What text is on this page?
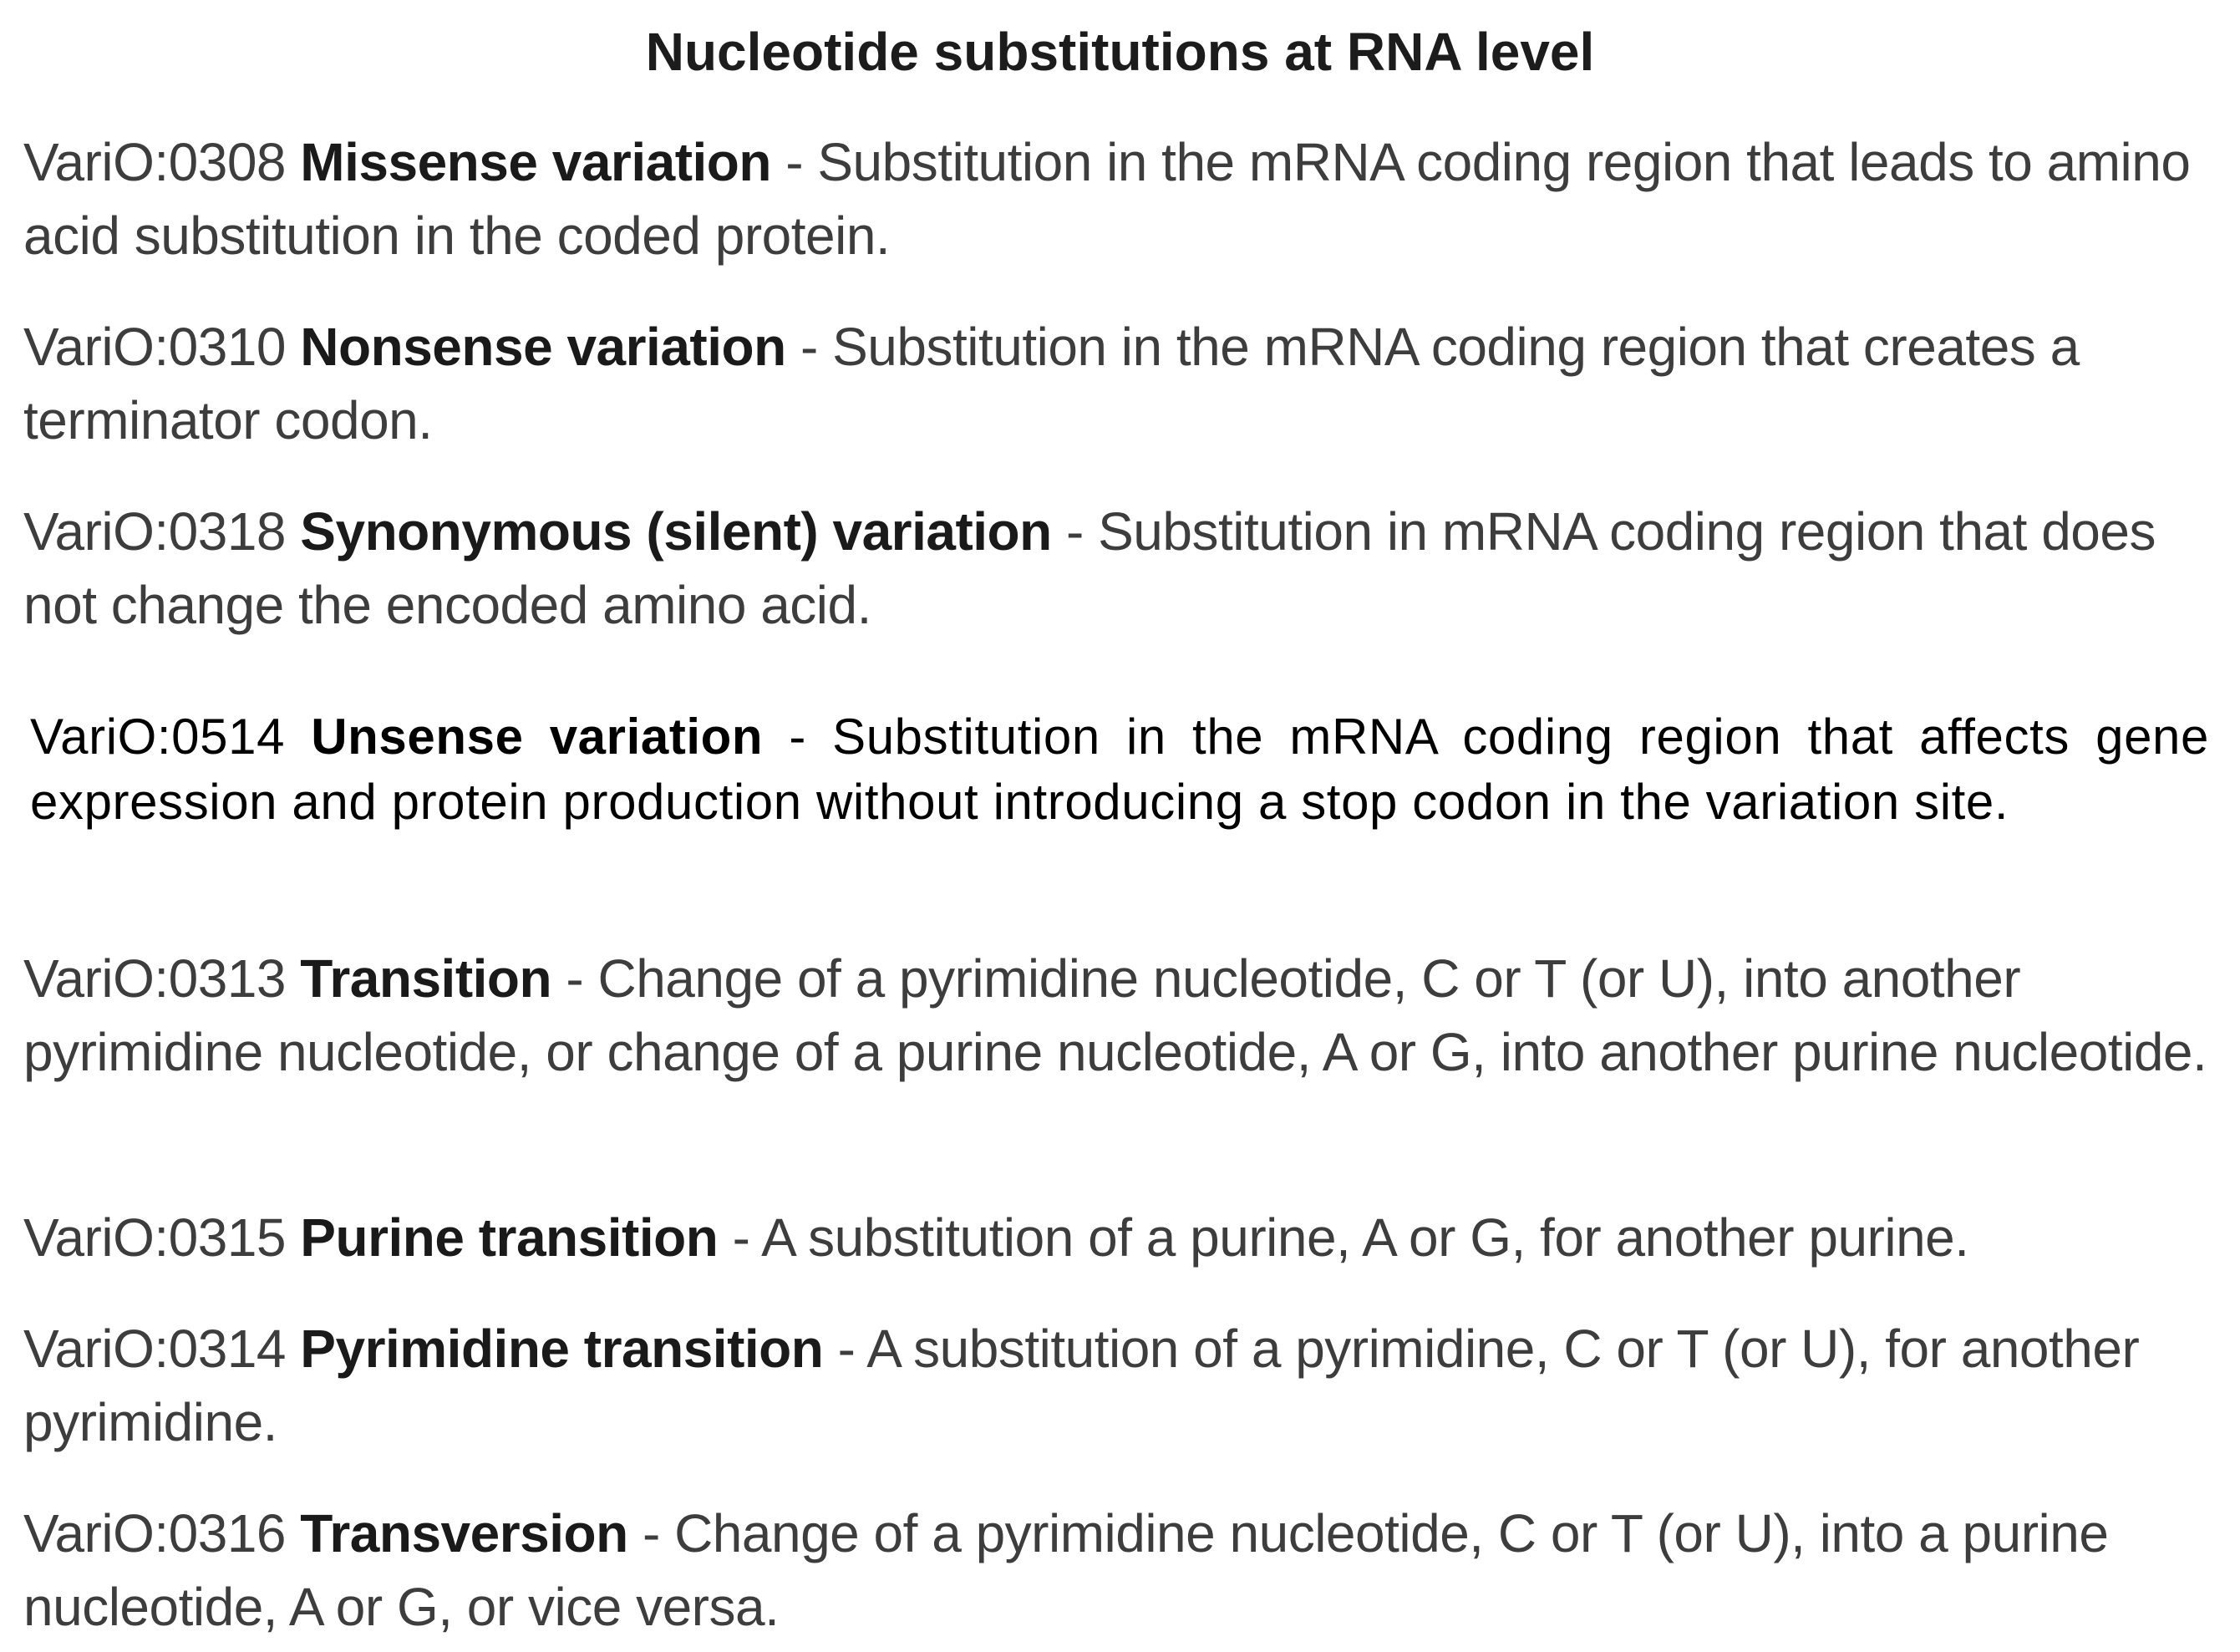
Nucleotide substitutions at RNA level

VariO:0308 Missense variation - Substitution in the mRNA coding region that leads to amino acid substitution in the coded protein.

VariO:0310 Nonsense variation - Substitution in the mRNA coding region that creates a terminator codon.

VariO:0318 Synonymous (silent) variation - Substitution in mRNA coding region that does not change the encoded amino acid.

VariO:0514 Unsense variation - Substitution in the mRNA coding region that affects gene expression and protein production without introducing a stop codon in the variation site.

VariO:0313 Transition - Change of a pyrimidine nucleotide, C or T (or U), into another pyrimidine nucleotide, or change of a purine nucleotide, A or G, into another purine nucleotide.

VariO:0315 Purine transition - A substitution of a purine, A or G, for another purine.

VariO:0314 Pyrimidine transition - A substitution of a pyrimidine, C or T (or U), for another pyrimidine.

VariO:0316 Transversion - Change of a pyrimidine nucleotide, C or T (or U), into a purine nucleotide, A or G, or vice versa.
